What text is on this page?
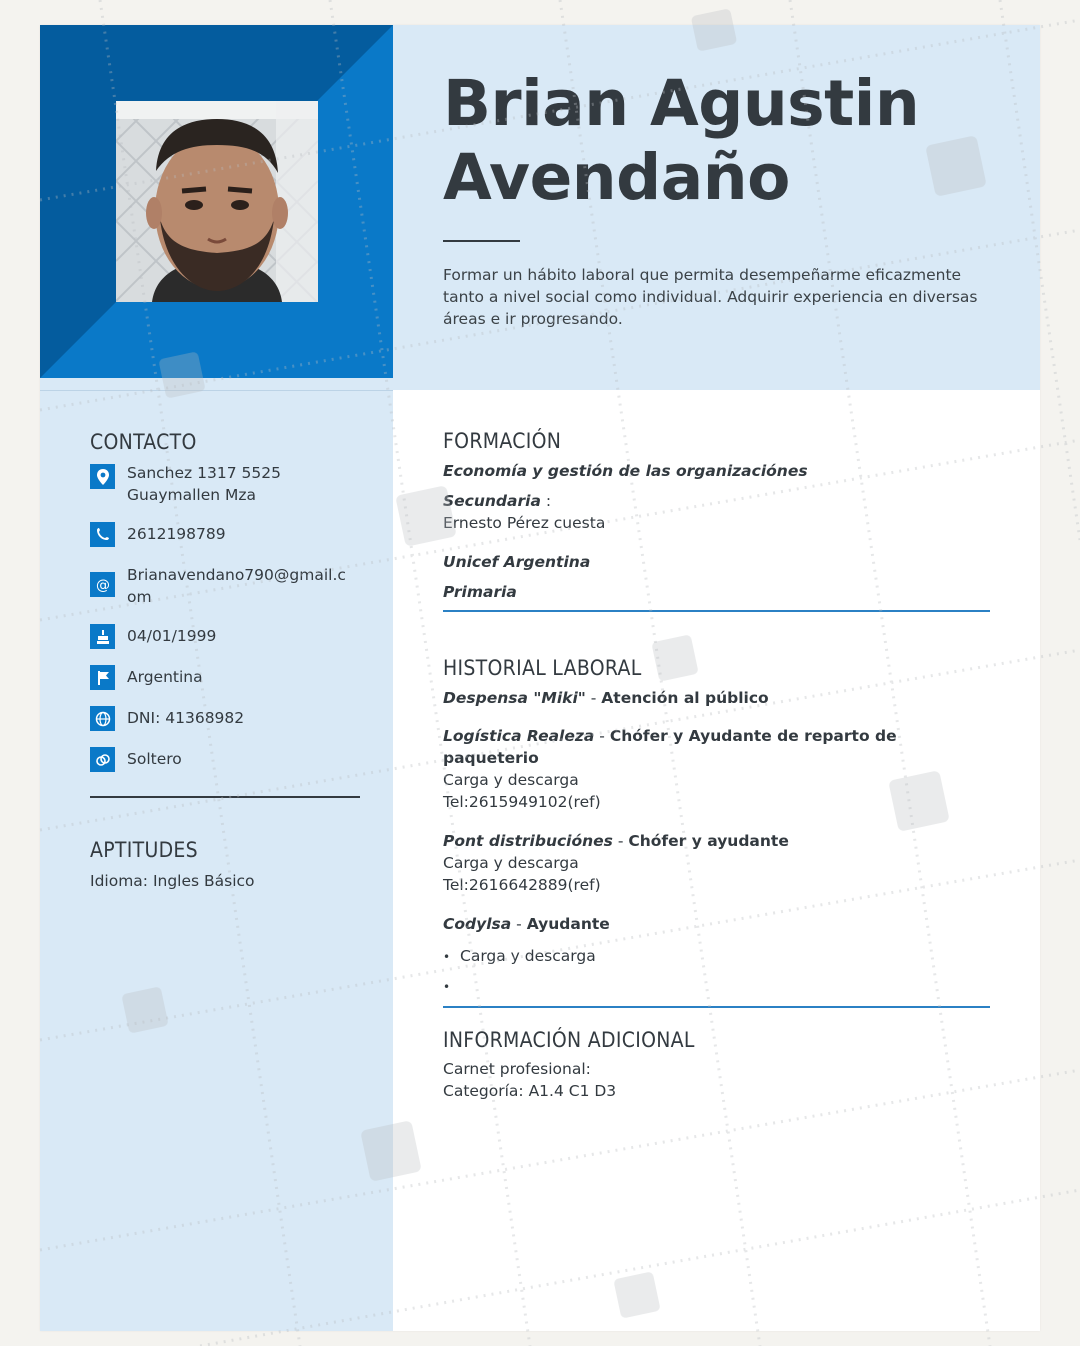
Brian Agustin
Avendaño

Formar un hábito laboral que permita desempeñarme eficazmente tanto a nivel social como individual. Adquirir experiencia en diversas áreas e ir progresando.

CONTACTO
Sanchez 1317 5525
Guaymallen Mza
2612198789
@
Brianavendano790@gmail.com
04/01/1999
Argentina
DNI: 41368982
Soltero
APTITUDES

Idioma: Ingles Básico

FORMACIÓN

Economía y gestión de las organizaciónes

Secundaria :

Ernesto Pérez cuesta

Unicef Argentina

Primaria

HISTORIAL LABORAL

Despensa "Miki" - Atención al público

Logística Realeza - Chófer y Ayudante de reparto de paqueterio

Carga y descarga

Tel:2615949102(ref)

Pont distribuciónes - Chófer y ayudante

Carga y descarga

Tel:2616642889(ref)

Codylsa - Ayudante

• Carga y descarga

•

INFORMACIÓN ADICIONAL

Carnet profesional:

Categoría: A1.4 C1 D3
